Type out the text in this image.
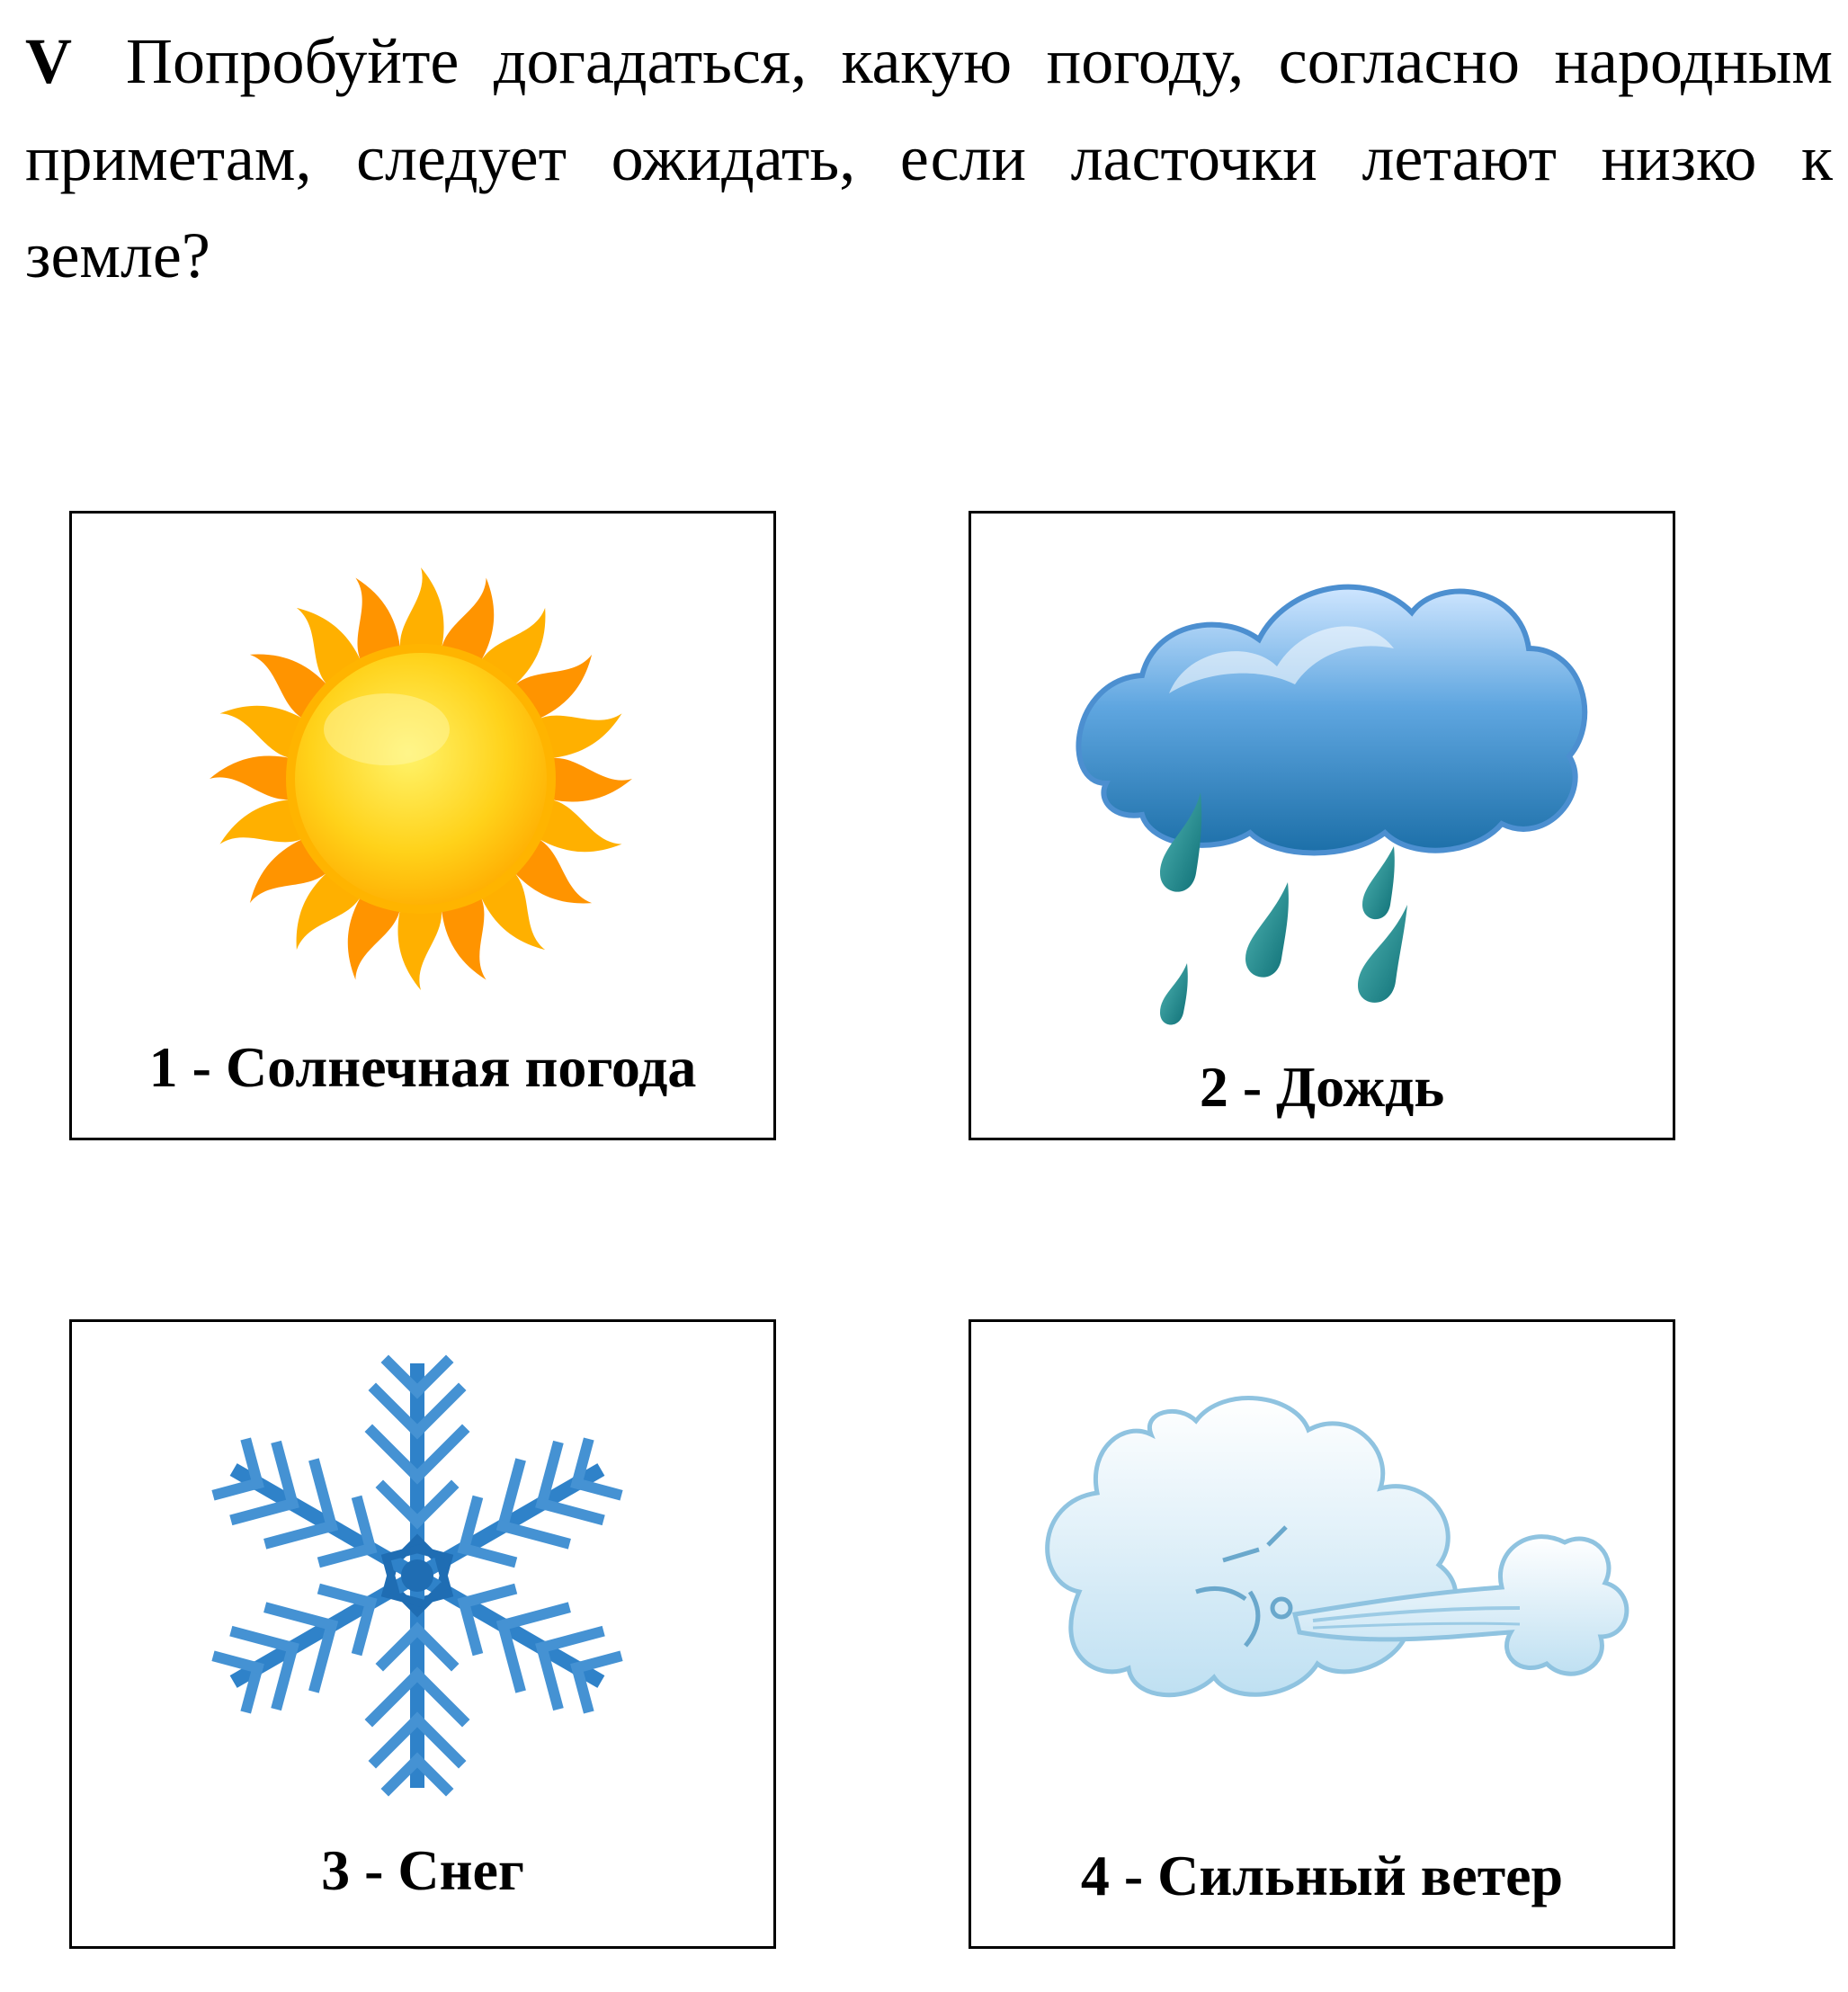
V Попробуйте догадаться, какую погоду, согласно народным приметам, следует ожидать, если ласточки летают низко к земле?
1 - Солнечная погода	2 - Дождь
3 - Снег	4 - Сильный ветер
